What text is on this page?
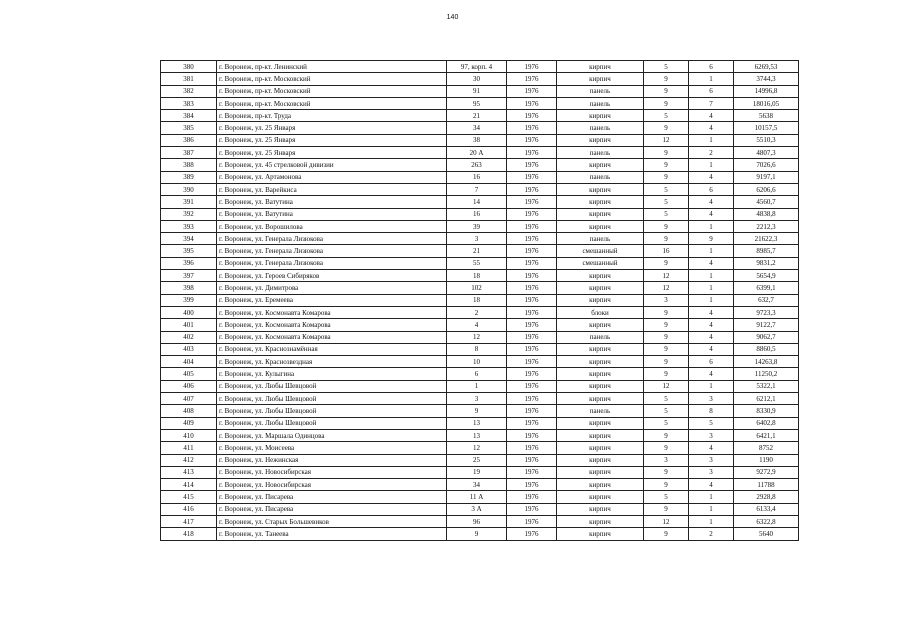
140
380	г. Воронеж, пр-кт. Ленинский	97, корп. 4	1976	кирпич	5	6	6269,53
381	г. Воронеж, пр-кт. Московский	30	1976	кирпич	9	1	3744,3
382	г. Воронеж, пр-кт. Московский	91	1976	панель	9	6	14996,8
383	г. Воронеж, пр-кт. Московский	95	1976	панель	9	7	18016,05
384	г. Воронеж, пр-кт. Труда	21	1976	кирпич	5	4	5638
385	г. Воронеж, ул. 25 Января	34	1976	панель	9	4	10157,5
386	г. Воронеж, ул. 25 Января	38	1976	кирпич	12	1	5510,3
387	г. Воронеж, ул. 25 Января	20 А	1976	панель	9	2	4807,3
388	г. Воронеж, ул. 45 стрелковой дивизии	263	1976	кирпич	9	1	7026,6
389	г. Воронеж, ул. Артамонова	16	1976	панель	9	4	9197,1
390	г. Воронеж, ул. Варейкиса	7	1976	кирпич	5	6	6206,6
391	г. Воронеж, ул. Ватутина	14	1976	кирпич	5	4	4560,7
392	г. Воронеж, ул. Ватутина	16	1976	кирпич	5	4	4838,8
393	г. Воронеж, ул. Ворошилова	39	1976	кирпич	9	1	2212,3
394	г. Воронеж, ул. Генерала Лизюкова	3	1976	панель	9	9	21622,3
395	г. Воронеж, ул. Генерала Лизюкова	21	1976	смешанный	16	1	8985,7
396	г. Воронеж, ул. Генерала Лизюкова	55	1976	смешанный	9	4	9831,2
397	г. Воронеж, ул. Героев Сибиряков	18	1976	кирпич	12	1	5654,9
398	г. Воронеж, ул. Димитрова	102	1976	кирпич	12	1	6399,1
399	г. Воронеж, ул. Еремеева	18	1976	кирпич	3	1	632,7
400	г. Воронеж, ул. Космонавта Комарова	2	1976	блоки	9	4	9723,3
401	г. Воронеж, ул. Космонавта Комарова	4	1976	кирпич	9	4	9122,7
402	г. Воронеж, ул. Космонавта Комарова	12	1976	панель	9	4	9062,7
403	г. Воронеж, ул. Краснознамённая	8	1976	кирпич	9	4	8860,5
404	г. Воронеж, ул. Краснозвездная	10	1976	кирпич	9	6	14263,8
405	г. Воронеж, ул. Кулыгина	6	1976	кирпич	9	4	11250,2
406	г. Воронеж, ул. Любы Шевцовой	1	1976	кирпич	12	1	5322,1
407	г. Воронеж, ул. Любы Шевцовой	3	1976	кирпич	5	3	6212,1
408	г. Воронеж, ул. Любы Шевцовой	9	1976	панель	5	8	8330,9
409	г. Воронеж, ул. Любы Шевцовой	13	1976	кирпич	5	5	6402,8
410	г. Воронеж, ул. Маршала Одинцова	13	1976	кирпич	9	3	6421,1
411	г. Воронеж, ул. Моисеева	12	1976	кирпич	9	4	8752
412	г. Воронеж, ул. Нежинская	25	1976	кирпич	3	3	1190
413	г. Воронеж, ул. Новосибирская	19	1976	кирпич	9	3	9272,9
414	г. Воронеж, ул. Новосибирская	34	1976	кирпич	9	4	11788
415	г. Воронеж, ул. Писарева	11 А	1976	кирпич	5	1	2928,8
416	г. Воронеж, ул. Писарева	3 А	1976	кирпич	9	1	6133,4
417	г. Воронеж, ул. Старых Большевиков	96	1976	кирпич	12	1	6322,8
418	г. Воронеж, ул. Танеева	9	1976	кирпич	9	2	5640
